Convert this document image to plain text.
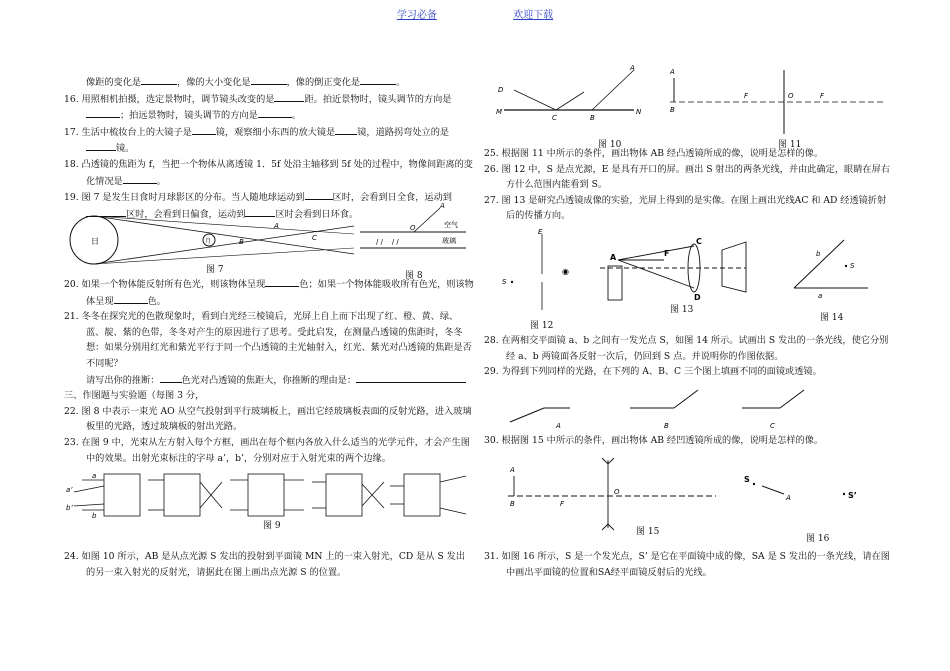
学习必备	欢迎下载

像距的变化是	，像的大小变化是	，像的倒正变化是	。

16. 用照相机拍摄，选定景物时，调节镜头改变的是	距。拍近景物时，镜头调节的方向是；拍远景物时，镜头调节的方向是	。

17. 生活中梳妆台上的大镜子是	镜，观察细小东西的放大镜是 镜，道路拐弯处立的是镜。

18. 凸透镜的焦距为 f，当把一个物体从离透镜 1．5f 处沿主轴移到 5f 处的过程中，物像间距离的变化情况是	。

19. 图 7 是发生日食时月球影区的分布。当人随地球运动到	区时，会看到日全食，运动到区时，会看到日偏食，运动到	区时会看到日环食。

日	月
A
B	C
A
O	空气
玻璃
/ /    / /
图 7
图 8

20. 如果一个物体能反射所有色光，则该物体呈现	色；如果一个物体能吸收所有色光，则该物体呈现	色。

21. 冬冬在探究光的色散现象时，看到白光经三棱镜后，光屏上自上而下出现了红、橙、黄、绿、蓝、靛、紫的色带，冬冬对产生的原因进行了思考。受此启发，在测量凸透镜的焦距时，冬冬想：如果分别用红光和紫光平行于同一个凸透镜的主光轴射入，红光、紫光对凸透镜的焦距是否不同呢？

请写出你的推断： 色光对凸透镜的焦距大，你推断的理由是：

三、作图题与实验题（每图 3 分，

22. 图 8 中表示一束光 AO 从空气投射到平行玻璃板上，画出它经玻璃板表面的反射光路，进入玻璃板里的光路，透过玻璃板的射出光路。

23. 在图 9 中，光束从左方射入每个方框，画出在每个框内各放入什么适当的光学元件，才会产生图中的效果。出射光束标注的字母 a’，b’，分别对应于入射光束的两个边缘。

a
b
a’
b’
图 9

24. 如图 10 所示，AB 是从点光源 S 发出的投射到平面镜 MN 上的一束入射光，CD 是从 S 发出的另一束入射光的反射光，请据此在图上画出点光源 S 的位置。

M	N
D
C	B
A	A
B
F	O	F
图 10	图 11

25. 根据图 11 中所示的条件，画出物体 AB 经凸透镜所成的像，说明是怎样的像。

26. 图 12 中，S 是点光源，E 是具有开口的屏。画出 S 射出的两条光线，并由此确定，眼睛在屏右方什么范围内能看到 S。

27. 图 13 是研究凸透镜成像的实验，光屏上得到的是实像。在图上画出光线AC 和 AD 经透镜折射后的传播方向。

E
S
◉
A
C
F
D
b
a
S
图 13
图 12
图 14

28. 在两相交平面镜 a、b 之间有一发光点 S，如图 14 所示。试画出 S 发出的一条光线，使它分别经 a、b 两镜面各反射一次后，仍回到 S 点。并说明你的作图依据。

29. 为得到下列同样的光路，在下列的 A、B、C 三个图上填画不同的面镜或透镜。

A	B	C

30. 根据图 15 中所示的条件，画出物体 AB 经凹透镜所成的像，说明是怎样的像。

A
B	F
O
S
A	S’
图 15
图 16

31. 如图 16 所示，S 是一个发光点，S’ 是它在平面镜中成的像，SA 是 S 发出的一条光线，请在图中画出平面镜的位置和SA经平面镜反射后的光线。
